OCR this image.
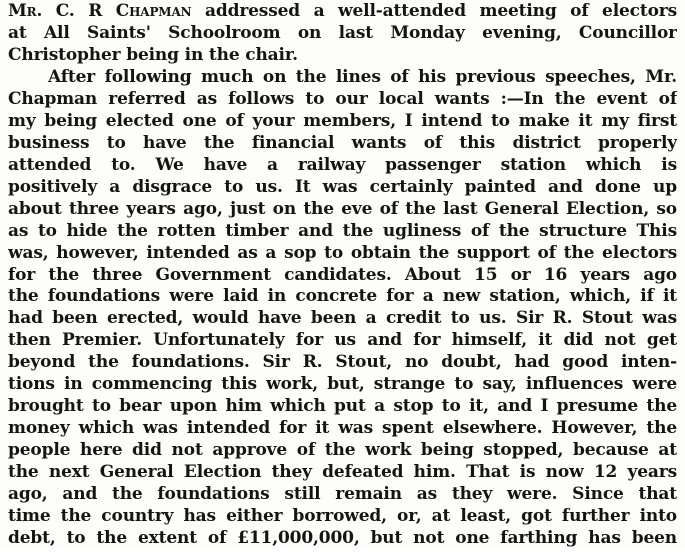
Mr. C. R Chapman addressed a well-attended meeting of electors
at All Saints' Schoolroom on last Monday evening, Councillor
Christopher being in the chair.
After following much on the lines of his previous speeches, Mr.
Chapman referred as follows to our local wants :—In the event of
my being elected one of your members, I intend to make it my first
business to have the financial wants of this district properly
attended to. We have a railway passenger station which is
positively a disgrace to us. It was certainly painted and done up
about three years ago, just on the eve of the last General Election, so
as to hide the rotten timber and the ugliness of the structure This
was, however, intended as a sop to obtain the support of the electors
for the three Government candidates. About 15 or 16 years ago
the foundations were laid in concrete for a new station, which, if it
had been erected, would have been a credit to us. Sir R. Stout was
then Premier. Unfortunately for us and for himself, it did not get
beyond the foundations. Sir R. Stout, no doubt, had good inten-
tions in commencing this work, but, strange to say, influences were
brought to bear upon him which put a stop to it, and I presume the
money which was intended for it was spent elsewhere. However, the
people here did not approve of the work being stopped, because at
the next General Election they defeated him. That is now 12 years
ago, and the foundations still remain as they were. Since that
time the country has either borrowed, or, at least, got further into
debt, to the extent of £11,000,000, but not one farthing has been
